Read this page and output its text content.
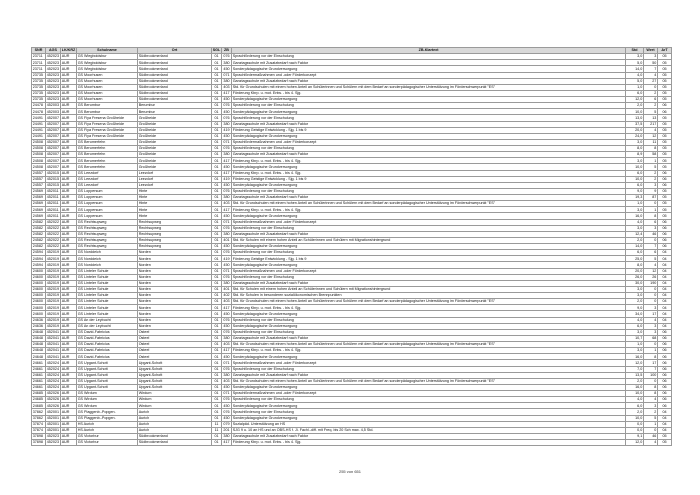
SNR	AGS	LK/KRZ	Schulname	Ort	SGL	ZB	ZB-Klartext	Std	Wert	ArT
23711	452023	AUR	GS Wiegboldsbur	Südbrookmerland	01	076	Sprachförderung vor der Einschulung	3,0	3	05
23711	452023	AUR	GS Wiegboldsbur	Südbrookmerland	01	380	Ganztagsschule mit Zusatzbedarf nach Faktor	5,0	50	05
23711	452023	AUR	GS Wiegboldsbur	Südbrookmerland	01	450	Sonderpädagogische Grundversorgung	14,0	7	05
23735	452023	AUR	GS Moorhusen	Südbrookmerland	01	071	Sprachfördermaßnahmen und -oder Förderkonzept	4,0	4	05
23735	452023	AUR	GS Moorhusen	Südbrookmerland	01	380	Ganztagsschule mit Zusatzbedarf nach Faktor	5,0	27	05
23735	452023	AUR	GS Moorhusen	Südbrookmerland	01	403	Std. für Grundschulen mit einem hohen Anteil an Schülerinnen und Schülern mit dem Bedarf an sonderpädagogischer Unterstützung im Förderschwerpunkt "ES"	1,0	0	05
23735	452023	AUR	GS Moorhusen	Südbrookmerland	01	417	Förderung Kbrp. u. mot. Entw. - bis 4. Sjg.	6,0	2	05
23735	452023	AUR	GS Moorhusen	Südbrookmerland	01	450	Sonderpädagogische Grundversorgung	12,0	6	05
24478	452003	AUR	GS Berumbur	Berumbur	01	076	Sprachförderung vor der Einschulung	2,0	2	06
24478	452003	AUR	GS Berumbur	Berumbur	01	450	Sonderpädagogische Grundversorgung	10,0	5	06
24491	452007	AUR	GS Fiya Fresena Großheide	Großheide	01	076	Sprachförderung vor der Einschulung	13,0	13	05
24491	452007	AUR	GS Fiya Fresena Großheide	Großheide	01	380	Ganztagsschule mit Zusatzbedarf nach Faktor	37,5	217	05
24491	452007	AUR	GS Fiya Fresena Großheide	Großheide	01	419	Förderung Geistige Entwicklung - Sjg. 1 bis 9	20,0	4	05
24491	452007	AUR	GS Fiya Fresena Großheide	Großheide	01	450	Sonderpädagogische Grundversorgung	24,0	12	05
24508	452007	AUR	GS Berumerfehn	Großheide	01	071	Sprachfördermaßnahmen und -oder Förderkonzept	3,0	11	05
24508	452007	AUR	GS Berumerfehn	Großheide	01	076	Sprachförderung vor der Einschulung	8,0	8	05
24508	452007	AUR	GS Berumerfehn	Großheide	01	380	Ganztagsschule mit Zusatzbedarf nach Faktor	8,9	58	05
24508	452007	AUR	GS Berumerfehn	Großheide	01	417	Förderung Kbrp. u. mot. Entw. - bis 4. Sjg.	3,0	1	05
24508	452007	AUR	GS Berumerfehn	Großheide	01	450	Sonderpädagogische Grundversorgung	10,0	5	05
24557	452015	AUR	GS Leezdorf	Leezdorf	01	417	Förderung Kbrp. u. mot. Entw. - bis 4. Sjg.	6,0	2	06
24557	452015	AUR	GS Leezdorf	Leezdorf	01	419	Förderung Geistige Entwicklung - Sjg. 1 bis 9	10,0	2	06
24557	452015	AUR	GS Leezdorf	Leezdorf	01	450	Sonderpädagogische Grundversorgung	6,0	3	06
24569	452011	AUR	GS Loppersum	Hinte	01	076	Sprachförderung vor der Einschulung	9,0	9	05
24569	452011	AUR	GS Loppersum	Hinte	01	380	Ganztagsschule mit Zusatzbedarf nach Faktor	19,3	87	05
24569	452011	AUR	GS Loppersum	Hinte	01	403	Std. für Grundschulen mit einem hohen Anteil an Schülerinnen und Schülern mit dem Bedarf an sonderpädagogischer Unterstützung im Förderschwerpunkt "ES"	1,0	0	05
24569	452011	AUR	GS Loppersum	Hinte	01	417	Förderung Kbrp. u. mot. Entw. - bis 4. Sjg.	3,0	1	05
24569	452011	AUR	GS Loppersum	Hinte	01	450	Sonderpädagogische Grundversorgung	16,0	8	05
24582	452022	AUR	GS Rechtsupweg	Rechtsupweg	01	071	Sprachfördermaßnahmen und -oder Förderkonzept	4,0	6	06
24582	452022	AUR	GS Rechtsupweg	Rechtsupweg	01	076	Sprachförderung vor der Einschulung	3,0	3	06
24582	452022	AUR	GS Rechtsupweg	Rechtsupweg	01	380	Ganztagsschule mit Zusatzbedarf nach Faktor	12,4	46	06
24582	452022	AUR	GS Rechtsupweg	Rechtsupweg	01	401	Std. für Schulen mit einem hohen Anteil an Schülerinnen und Schülern mit Migrationshintergrund	2,0	0	06
24582	452022	AUR	GS Rechtsupweg	Rechtsupweg	01	450	Sonderpädagogische Grundversorgung	14,0	7	06
24594	452019	AUR	GS Norddeich	Norden	01	076	Sprachförderung vor der Einschulung	6,0	6	04
24594	452019	AUR	GS Norddeich	Norden	01	419	Förderung Geistige Entwicklung - Sjg. 1 bis 9	25,0	5	04
24594	452019	AUR	GS Norddeich	Norden	01	450	Sonderpädagogische Grundversorgung	8,0	4	04
24600	452019	AUR	GS Linteler Schule	Norden	01	071	Sprachfördermaßnahmen und -oder Förderkonzept	20,0	12	04
24600	452019	AUR	GS Linteler Schule	Norden	01	076	Sprachförderung vor der Einschulung	26,0	26	04
24600	452019	AUR	GS Linteler Schule	Norden	01	380	Ganztagsschule mit Zusatzbedarf nach Faktor	30,0	190	04
24600	452019	AUR	GS Linteler Schule	Norden	01	401	Std. für Schulen mit einem hohen Anteil an Schülerinnen und Schülern mit Migrationshintergrund	3,0	0	04
24600	452019	AUR	GS Linteler Schule	Norden	01	402	Std. für Schulen in besonderen sozialökonomischen Brennpunkten	3,0	0	04
24600	452019	AUR	GS Linteler Schule	Norden	01	403	Std. für Grundschulen mit einem hohen Anteil an Schülerinnen und Schülern mit dem Bedarf an sonderpädagogischer Unterstützung im Förderschwerpunkt "ES"	2,0	0	04
24600	452019	AUR	GS Linteler Schule	Norden	01	417	Förderung Kbrp. u. mot. Entw. - bis 4. Sjg.	9,0	3	04
24600	452019	AUR	GS Linteler Schule	Norden	01	450	Sonderpädagogische Grundversorgung	34,0	17	04
24636	452019	AUR	GS An der Leybucht	Norden	01	076	Sprachförderung vor der Einschulung	4,0	4	04
24636	452019	AUR	GS An der Leybucht	Norden	01	450	Sonderpädagogische Grundversorgung	6,0	3	04
24648	452041	AUR	GS David-Fabricius	Osteel	01	076	Sprachförderung vor der Einschulung	3,0	3	06
24648	452041	AUR	GS David-Fabricius	Osteel	01	380	Ganztagsschule mit Zusatzbedarf nach Faktor	10,7	68	06
24648	452041	AUR	GS David-Fabricius	Osteel	01	403	Std. für Grundschulen mit einem hohen Anteil an Schülerinnen und Schülern mit dem Bedarf an sonderpädagogischer Unterstützung im Förderschwerpunkt "ES"	1,0	0	06
24648	452041	AUR	GS David-Fabricius	Osteel	01	417	Förderung Kbrp. u. mot. Entw. - bis 4. Sjg.	3,0	1	06
24648	452041	AUR	GS David-Fabricius	Osteel	01	450	Sonderpädagogische Grundversorgung	16,0	8	06
24661	452024	AUR	GS Upgant-Schott	Upgant-Schott	01	071	Sprachfördermaßnahmen und -oder Förderkonzept	12,0	17	06
24661	452024	AUR	GS Upgant-Schott	Upgant-Schott	01	076	Sprachförderung vor der Einschulung	7,0	7	06
24661	452024	AUR	GS Upgant-Schott	Upgant-Schott	01	380	Ganztagsschule mit Zusatzbedarf nach Faktor	13,5	100	06
24661	452024	AUR	GS Upgant-Schott	Upgant-Schott	01	403	Std. für Grundschulen mit einem hohen Anteil an Schülerinnen und Schülern mit dem Bedarf an sonderpädagogischer Unterstützung im Förderschwerpunkt "ES"	2,0	0	06
24661	452024	AUR	GS Upgant-Schott	Upgant-Schott	01	450	Sonderpädagogische Grundversorgung	16,0	8	06
24685	452026	AUR	GS Wirdum	Wirdum	01	071	Sprachfördermaßnahmen und -oder Förderkonzept	10,0	8	06
24685	452026	AUR	GS Wirdum	Wirdum	01	076	Sprachförderung vor der Einschulung	4,0	4	06
24685	452026	AUR	GS Wirdum	Wirdum	01	450	Sonderpädagogische Grundversorgung	6,0	3	06
37862	452001	AUR	GS Plaggenb.-Popgen.	Aurich	01	076	Sprachförderung vor der Einschulung	2,0	2	04
37862	452001	AUR	GS Plaggenb.-Popgen.	Aurich	01	450	Sonderpädagogische Grundversorgung	10,0	5	04
37874	452001	AUR	HS Aurich	Aurich	11	079	Sozialpäd. Unterstützung an HS	0,0	1	04
37874	452001	AUR	HS Aurich	Aurich	11	201	SJG 9 u. 10 an HS und an OBS-HS f. Ji. Fachl.-diff. mit Freq. bis 20 Sch max. 4,5 Std.	0,0	0	04
37898	452023	AUR	GS Victorbur	Südbrookmerland	01	380	Ganztagsschule mit Zusatzbedarf nach Faktor	9,1	46	05
37898	452023	AUR	GS Victorbur	Südbrookmerland	01	417	Förderung Kbrp. u. mot. Entw. - bis 4. Sjg.	12,0	4	05
255 von 651
